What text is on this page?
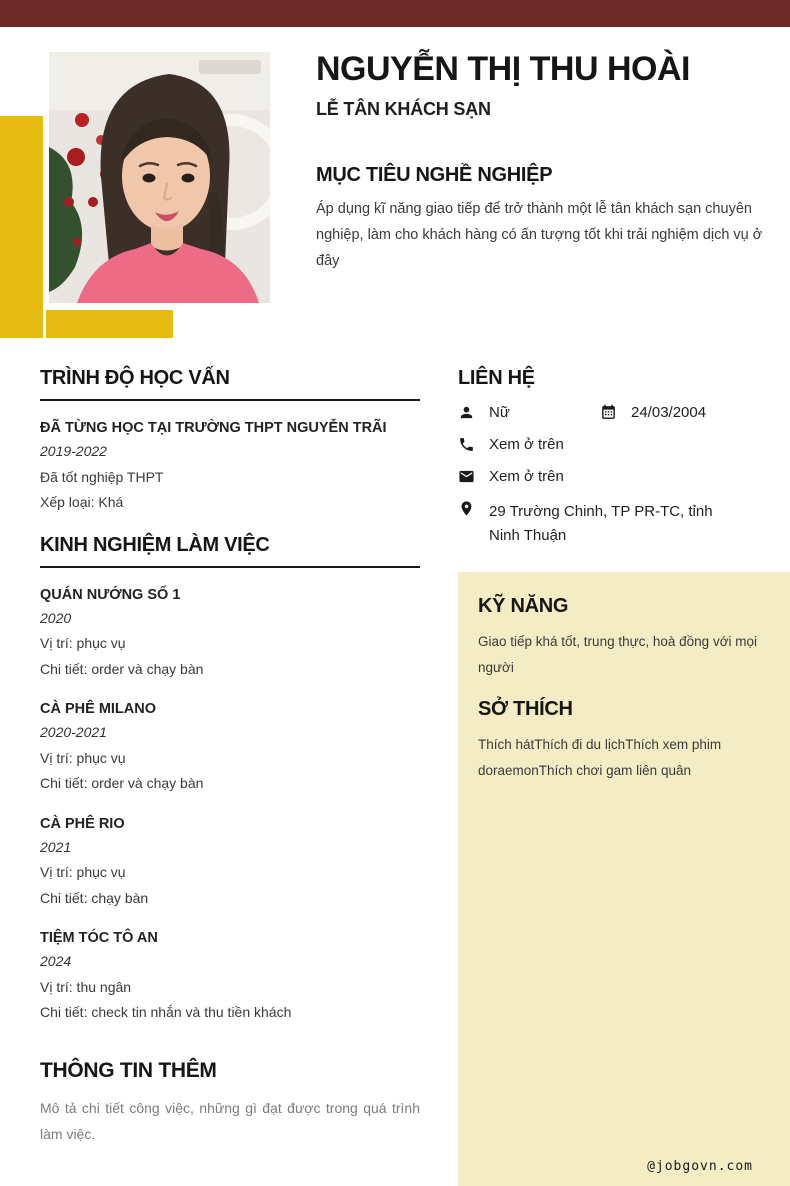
NGUYỄN THỊ THU HOÀI
LỄ TÂN KHÁCH SẠN
MỤC TIÊU NGHỀ NGHIỆP
Áp dụng kĩ năng giao tiếp để trở thành một lễ tân khách sạn chuyên nghiệp, làm cho khách hàng có ấn tượng tốt khi trải nghiệm dịch vụ ở đây
TRÌNH ĐỘ HỌC VẤN
ĐÃ TỪNG HỌC TẠI TRƯỜNG THPT NGUYỄN TRÃI
2019-2022
Đã tốt nghiệp THPT
Xếp loại: Khá
KINH NGHIỆM LÀM VIỆC
QUÁN NƯỚNG SỐ 1
2020
Vị trí: phục vụ
Chi tiết: order và chạy bàn
CÀ PHÊ MILANO
2020-2021
Vị trí: phục vụ
Chi tiết: order và chạy bàn
CÀ PHÊ RIO
2021
Vị trí: phục vụ
Chi tiết: chạy bàn
TIỆM TÓC TÔ AN
2024
Vị trí: thu ngân
Chi tiết: check tin nhắn và thu tiền khách
THÔNG TIN THÊM
Mô tả chi tiết công việc, những gì đạt được trong quá trình làm việc.
LIÊN HỆ
Nữ	24/03/2004
Xem ở trên
Xem ở trên
29 Trường Chinh, TP PR-TC, tỉnh Ninh Thuận
KỸ NĂNG
Giao tiếp khá tốt, trung thực, hoà đồng với mọi người
SỞ THÍCH
Thích hátThích đi du lịchThích xem phim doraemonThích chơi gam liên quân
@jobgovn.com
